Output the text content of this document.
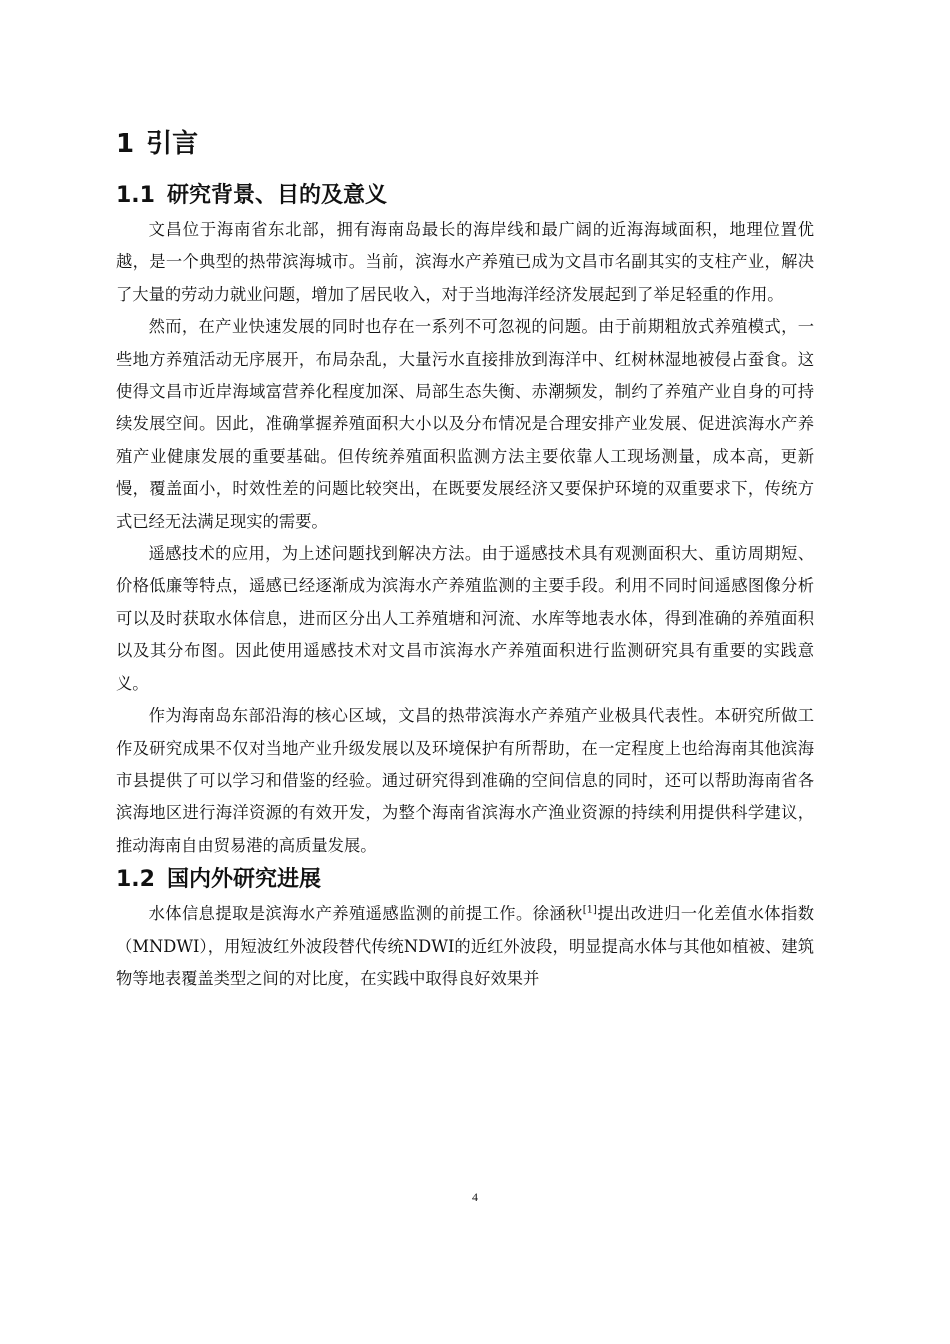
1 引言
1.1 研究背景、目的及意义

文昌位于海南省东北部，拥有海南岛最长的海岸线和最广阔的近海海域面积，地理位置优越，是一个典型的热带滨海城市。当前，滨海水产养殖已成为文昌市名副其实的支柱产业，解决了大量的劳动力就业问题，增加了居民收入，对于当地海洋经济发展起到了举足轻重的作用。

然而，在产业快速发展的同时也存在一系列不可忽视的问题。由于前期粗放式养殖模式，一些地方养殖活动无序展开，布局杂乱，大量污水直接排放到海洋中、红树林湿地被侵占蚕食。这使得文昌市近岸海域富营养化程度加深、局部生态失衡、赤潮频发，制约了养殖产业自身的可持续发展空间。因此，准确掌握养殖面积大小以及分布情况是合理安排产业发展、促进滨海水产养殖产业健康发展的重要基础。但传统养殖面积监测方法主要依靠人工现场测量，成本高，更新慢，覆盖面小，时效性差的问题比较突出，在既要发展经济又要保护环境的双重要求下，传统方式已经无法满足现实的需要。

遥感技术的应用，为上述问题找到解决方法。由于遥感技术具有观测面积大、重访周期短、价格低廉等特点，遥感已经逐渐成为滨海水产养殖监测的主要手段。利用不同时间遥感图像分析可以及时获取水体信息，进而区分出人工养殖塘和河流、水库等地表水体，得到准确的养殖面积以及其分布图。因此使用遥感技术对文昌市滨海水产养殖面积进行监测研究具有重要的实践意义。

作为海南岛东部沿海的核心区域，文昌的热带滨海水产养殖产业极具代表性。本研究所做工作及研究成果不仅对当地产业升级发展以及环境保护有所帮助，在一定程度上也给海南其他滨海市县提供了可以学习和借鉴的经验。通过研究得到准确的空间信息的同时，还可以帮助海南省各滨海地区进行海洋资源的有效开发，为整个海南省滨海水产渔业资源的持续利用提供科学建议，推动海南自由贸易港的高质量发展。

1.2 国内外研究进展

水体信息提取是滨海水产养殖遥感监测的前提工作。徐涵秋[1]提出改进归一化差值水体指数（MNDWI），用短波红外波段替代传统NDWI的近红外波段，明显提高水体与其他如植被、建筑物等地表覆盖类型之间的对比度，在实践中取得良好效果并

4
